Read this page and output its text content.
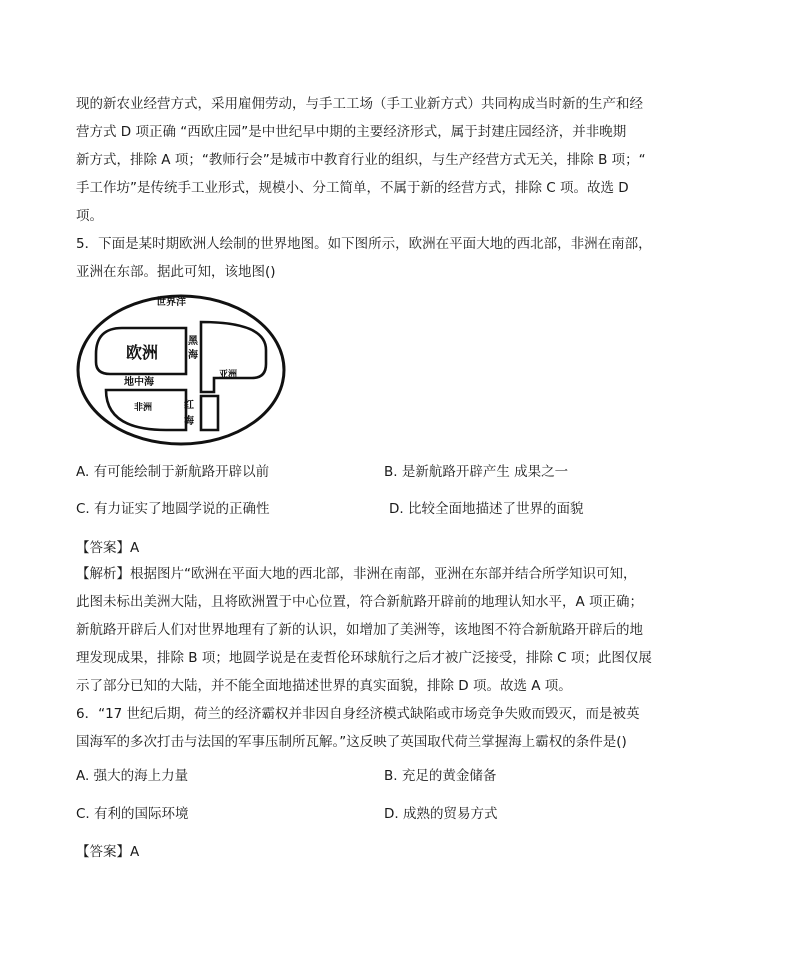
现的新农业经营方式，采用雇佣劳动，与手工工场（手工业新方式）共同构成当时新的生产和经
营方式 D 项正确 “西欧庄园”是中世纪早中期的主要经济形式，属于封建庄园经济，并非晚期
新方式，排除 A 项；“教师行会”是城市中教育行业的组织，与生产经营方式无关，排除 B 项；“
手工作坊”是传统手工业形式，规模小、分工简单，不属于新的经营方式，排除 C 项。故选 D
项。
5．下面是某时期欧洲人绘制的世界地图。如下图所示，欧洲在平面大地的西北部，非洲在南部，
亚洲在东部。据此可知，该地图()
世界洋
欧洲
黑
海
地中海
亚洲
非洲	红
海
A. 有可能绘制于新航路开辟以前	B. 是新航路开辟产生 成果之一
C. 有力证实了地圆学说的正确性	D. 比较全面地描述了世界的面貌
【答案】A
【解析】根据图片“欧洲在平面大地的西北部，非洲在南部，亚洲在东部并结合所学知识可知，
此图未标出美洲大陆，且将欧洲置于中心位置，符合新航路开辟前的地理认知水平，A 项正确；
新航路开辟后人们对世界地理有了新的认识，如增加了美洲等，该地图不符合新航路开辟后的地
理发现成果，排除 B 项；地圆学说是在麦哲伦环球航行之后才被广泛接受，排除 C 项；此图仅展
示了部分已知的大陆，并不能全面地描述世界的真实面貌，排除 D 项。故选 A 项。
6．“17 世纪后期，荷兰的经济霸权并非因自身经济模式缺陷或市场竞争失败而毁灭，而是被英
国海军的多次打击与法国的军事压制所瓦解。”这反映了英国取代荷兰掌握海上霸权的条件是()
A. 强大的海上力量	B. 充足的黄金储备
C. 有利的国际环境	D. 成熟的贸易方式
【答案】A
